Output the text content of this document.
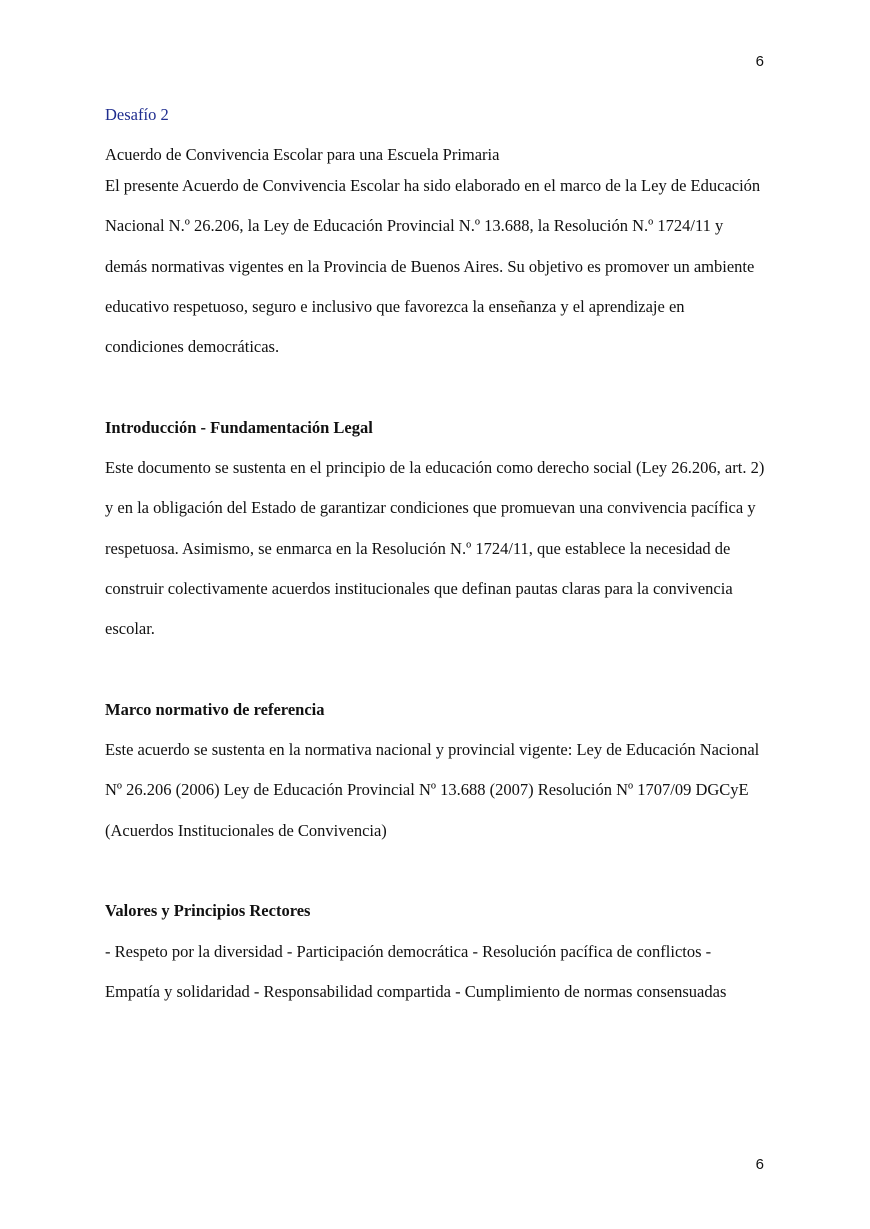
6
Desafío 2
Acuerdo de Convivencia Escolar para una Escuela Primaria

El presente Acuerdo de Convivencia Escolar ha sido elaborado en el marco de la Ley de Educación Nacional N.º 26.206, la Ley de Educación Provincial N.º 13.688, la Resolución N.º 1724/11 y demás normativas vigentes en la Provincia de Buenos Aires. Su objetivo es promover un ambiente educativo respetuoso, seguro e inclusivo que favorezca la enseñanza y el aprendizaje en condiciones democráticas.

Introducción - Fundamentación Legal

Este documento se sustenta en el principio de la educación como derecho social (Ley 26.206, art. 2) y en la obligación del Estado de garantizar condiciones que promuevan una convivencia pacífica y respetuosa. Asimismo, se enmarca en la Resolución N.º 1724/11, que establece la necesidad de construir colectivamente acuerdos institucionales que definan pautas claras para la convivencia escolar.

Marco normativo de referencia

Este acuerdo se sustenta en la normativa nacional y provincial vigente: Ley de Educación Nacional Nº 26.206 (2006) Ley de Educación Provincial Nº 13.688 (2007) Resolución Nº 1707/09 DGCyE (Acuerdos Institucionales de Convivencia)

Valores y Principios Rectores

- Respeto por la diversidad - Participación democrática - Resolución pacífica de conflictos - Empatía y solidaridad - Responsabilidad compartida - Cumplimiento de normas consensuadas

6
